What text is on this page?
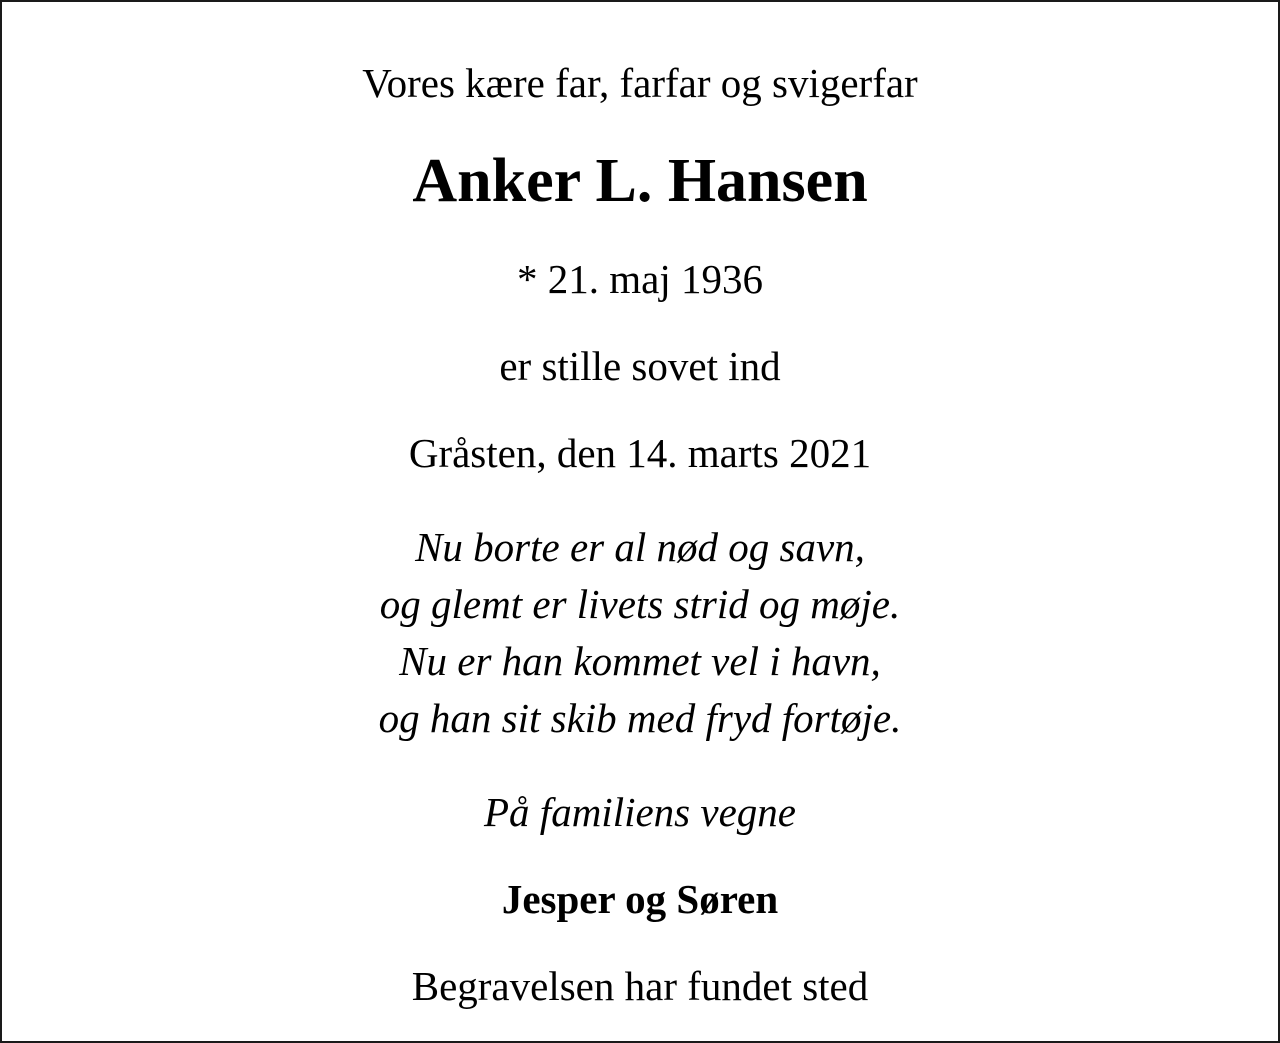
Vores kære far, farfar og svigerfar

Anker L. Hansen

* 21. maj 1936

er stille sovet ind

Gråsten, den 14. marts 2021

Nu borte er al nød og savn,

og glemt er livets strid og møje.

Nu er han kommet vel i havn,

og han sit skib med fryd fortøje.

På familiens vegne

Jesper og Søren

Begravelsen har fundet sted
